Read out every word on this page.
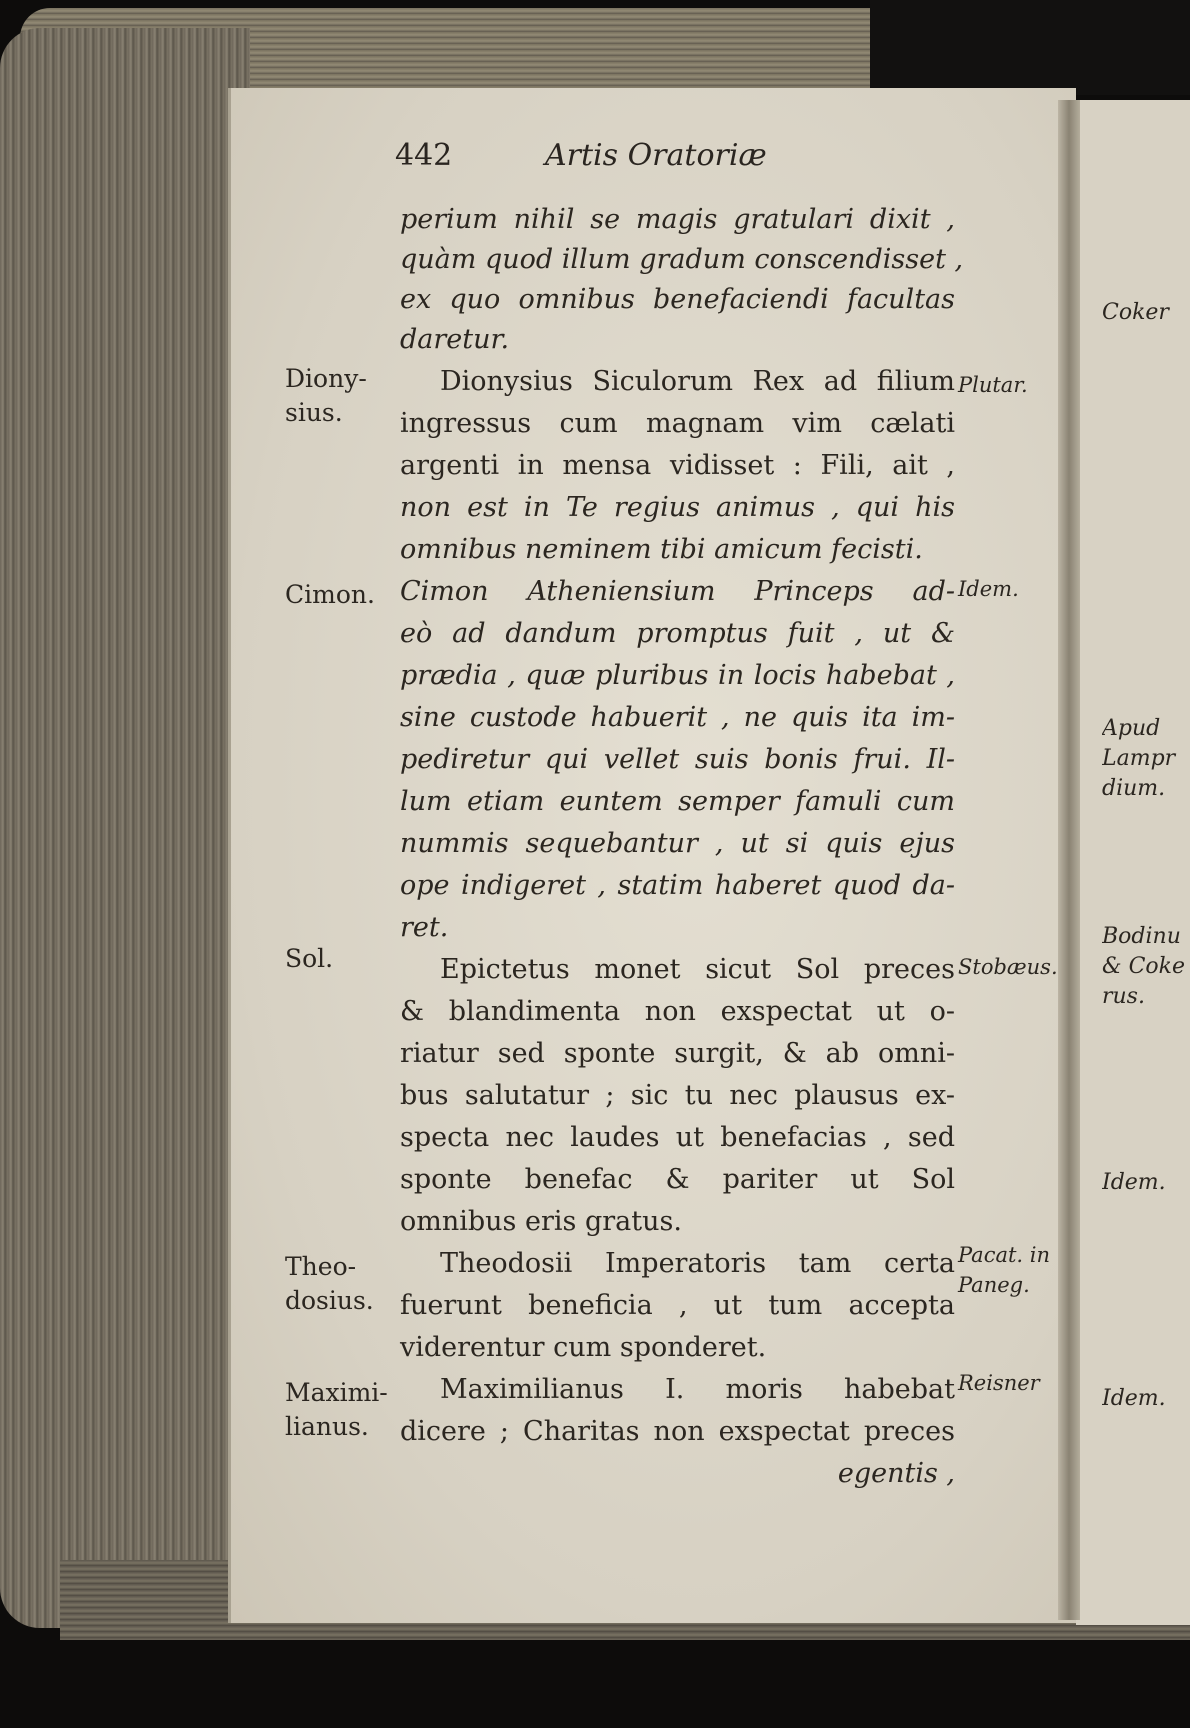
442	Artis Oratoriæ
perium nihil se magis gratulari dixit ,
quàm quod illum gradum conscendisset ,
ex quo omnibus benefaciendi facultas
daretur.
Dionysius Siculorum Rex ad filium
ingressus cum magnam vim cælati
argenti in mensa vidisset : Fili, ait ,
non est in Te regius animus , qui his
omnibus neminem tibi amicum fecisti.
Cimon Atheniensium Princeps ad-
eò ad dandum promptus fuit , ut &
prædia , quæ pluribus in locis habebat ,
sine custode habuerit , ne quis ita im-
pediretur qui vellet suis bonis frui. Il-
lum etiam euntem semper famuli cum
nummis sequebantur , ut si quis ejus
ope indigeret , statim haberet quod da-
ret.
Epictetus monet sicut Sol preces
& blandimenta non exspectat ut o-
riatur sed sponte surgit, & ab omni-
bus salutatur ; sic tu nec plausus ex-
specta nec laudes ut benefacias , sed
sponte benefac & pariter ut Sol
omnibus eris gratus.
Theodosii Imperatoris tam certa
fuerunt beneficia , ut tum accepta
viderentur cum sponderet.
Maximilianus I. moris habebat
dicere ; Charitas non exspectat preces
egentis ,
Diony-
sius.
Cimon.
Sol.
Theo-
dosius.
Maximi-
lianus.
Plutar.
Idem.
Stobæus.
Pacat. in
Paneg.
Reisner
Coker
Apud
Lampr
dium.
Bodinu
& Coke
rus.
Idem.
Idem.
